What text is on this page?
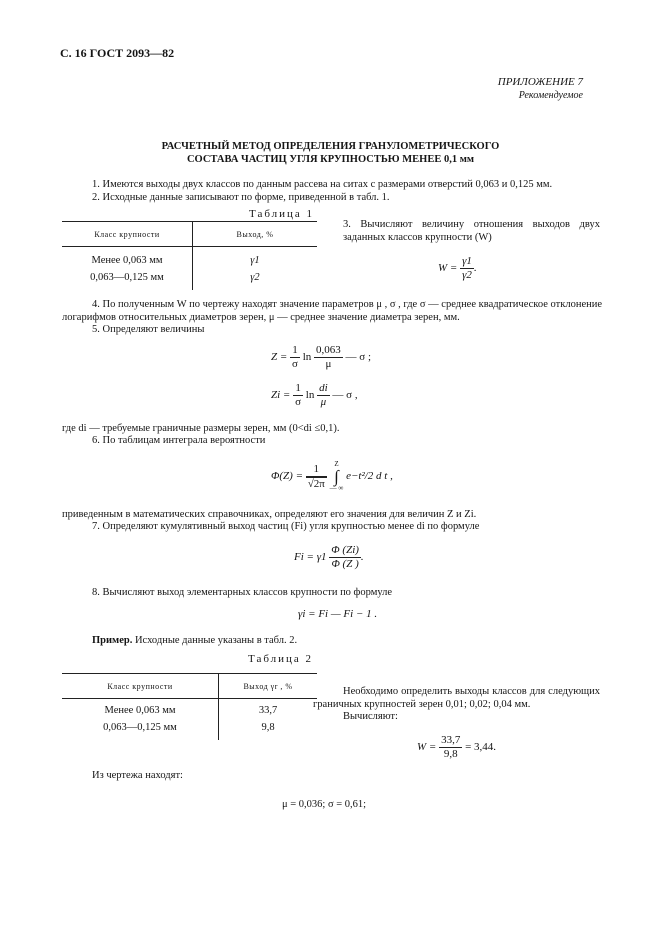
С. 16 ГОСТ 2093—82
ПРИЛОЖЕНИЕ 7
Рекомендуемое
РАСЧЕТНЫЙ МЕТОД ОПРЕДЕЛЕНИЯ ГРАНУЛОМЕТРИЧЕСКОГО
СОСТАВА ЧАСТИЦ УГЛЯ КРУПНОСТЬЮ МЕНЕЕ 0,1 мм
1. Имеются выходы двух классов по данным рассева на ситах с размерами отверстий 0,063 и 0,125 мм.
2. Исходные данные записывают по форме, приведенной в табл. 1.
Таблица 1
Класс крупности	Выход, %
Менее 0,063 мм	γ1
0,063—0,125 мм	γ2
3. Вычисляют величину отношения выходов двух заданных классов крупности (W)
$W = \frac{\gamma 1}{\gamma 2}$ .
4. По полученным W по чертежу находят значение параметров μ , σ , где σ — среднее квадратическое отклонение логарифмов относительных диаметров зерен, μ — среднее значение диаметра зерен, мм.
5. Определяют величины
$Z = \frac{1}{\sigma}$ $\ln \frac{0,063}{\mu}$ — σ ;
$Zi = \frac{1}{\sigma}$ $\ln \frac{di}{\mu}$ — σ ,
где di — требуемые граничные размеры зерен, мм (0<di ≤0,1).
6. По таблицам интеграла вероятности
$\Phi(Z) = \frac{1}{√2\pi}$ Z
∫
— ∞ e−t²/2 d t ,
приведенным в математических справочниках, определяют его значения для величин Z и Zi.
7. Определяют кумулятивный выход частиц (Fi) угля крупностью менее di по формуле
$Fi = \gamma 1 \frac{\Phi (Zi)}{\Phi (Z )}$ .
8. Вычисляют выход элементарных классов крупности по формуле
γi = Fi — Fi − 1 .
Пример. Исходные данные указаны в табл. 2.
Таблица 2
Класс крупности	Выход γr , %
Менее 0,063 мм	33,7
0,063—0,125 мм	9,8
Необходимо определить выходы классов для следующих граничных крупностей зерен 0,01; 0,02; 0,04 мм.
Вычисляют:
$W = \frac{33,7}{9,8} = 3,44$.
Из чертежа находят:
μ = 0,036; σ = 0,61;
